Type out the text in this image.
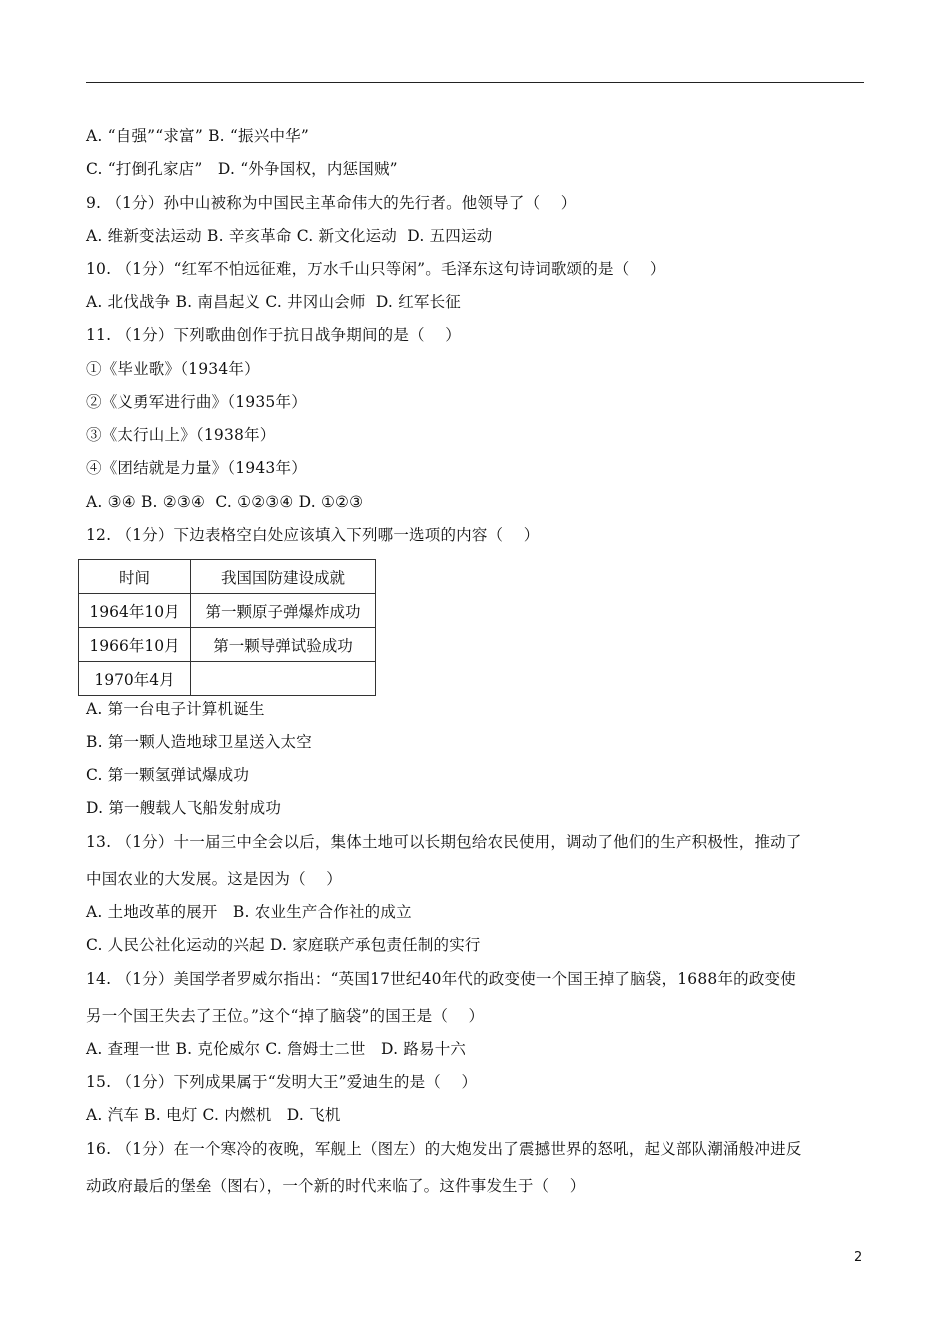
A. “自强”“求富” B. “振兴中华”
C. “打倒孔家店”   D. “外争国权，内惩国贼”
9. （1分）孙中山被称为中国民主革命伟大的先行者。他领导了（    ）
A. 维新变法运动 B. 辛亥革命 C. 新文化运动  D. 五四运动
10. （1分）“红军不怕远征难，万水千山只等闲”。毛泽东这句诗词歌颂的是（    ）
A. 北伐战争 B. 南昌起义 C. 井冈山会师  D. 红军长征
11. （1分）下列歌曲创作于抗日战争期间的是（    ）
①《毕业歌》（1934年）
②《义勇军进行曲》（1935年）
③《太行山上》（1938年）
④《团结就是力量》（1943年）
A. ③④ B. ②③④  C. ①②③④ D. ①②③
12. （1分）下边表格空白处应该填入下列哪一选项的内容（    ）
时间	我国国防建设成就
1964年10月	第一颗原子弹爆炸成功
1966年10月	第一颗导弹试验成功
1970年4月	
A. 第一台电子计算机诞生
B. 第一颗人造地球卫星送入太空
C. 第一颗氢弹试爆成功
D. 第一艘载人飞船发射成功
13. （1分）十一届三中全会以后，集体土地可以长期包给农民使用，调动了他们的生产积极性，推动了
中国农业的大发展。这是因为（    ）
A. 土地改革的展开   B. 农业生产合作社的成立
C. 人民公社化运动的兴起 D. 家庭联产承包责任制的实行
14. （1分）美国学者罗威尔指出：“英国17世纪40年代的政变使一个国王掉了脑袋，1688年的政变使
另一个国王失去了王位。”这个“掉了脑袋”的国王是（    ）
A. 查理一世 B. 克伦威尔 C. 詹姆士二世   D. 路易十六
15. （1分）下列成果属于“发明大王”爱迪生的是（    ）
A. 汽车 B. 电灯 C. 内燃机   D. 飞机
16. （1分）在一个寒冷的夜晚，军舰上（图左）的大炮发出了震撼世界的怒吼，起义部队潮涌般冲进反
动政府最后的堡垒（图右），一个新的时代来临了。这件事发生于（    ）
2
